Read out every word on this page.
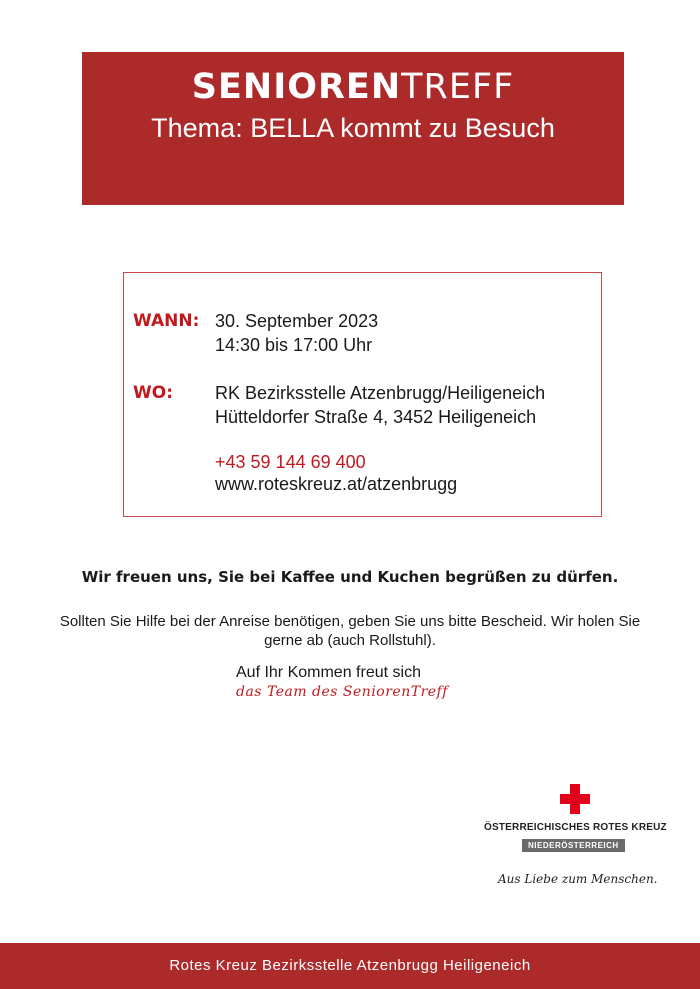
SENIORENTREFF
Thema: BELLA kommt zu Besuch
WANN: 30. September 2023
14:30 bis 17:00 Uhr
WO:	RK Bezirksstelle Atzenbrugg/Heiligeneich
Hütteldorfer Straße 4, 3452 Heiligeneich
+43 59 144 69 400
www.roteskreuz.at/atzenbrugg
Wir freuen uns, Sie bei Kaffee und Kuchen begrüßen zu dürfen.
Sollten Sie Hilfe bei der Anreise benötigen, geben Sie uns bitte Bescheid. Wir holen Sie gerne ab (auch Rollstuhl).
Auf Ihr Kommen freut sich
das Team des SeniorenTreff
ÖSTERREICHISCHES ROTES KREUZ
NIEDERÖSTERREICH
Aus Liebe zum Menschen.
Rotes Kreuz Bezirksstelle Atzenbrugg Heiligeneich
